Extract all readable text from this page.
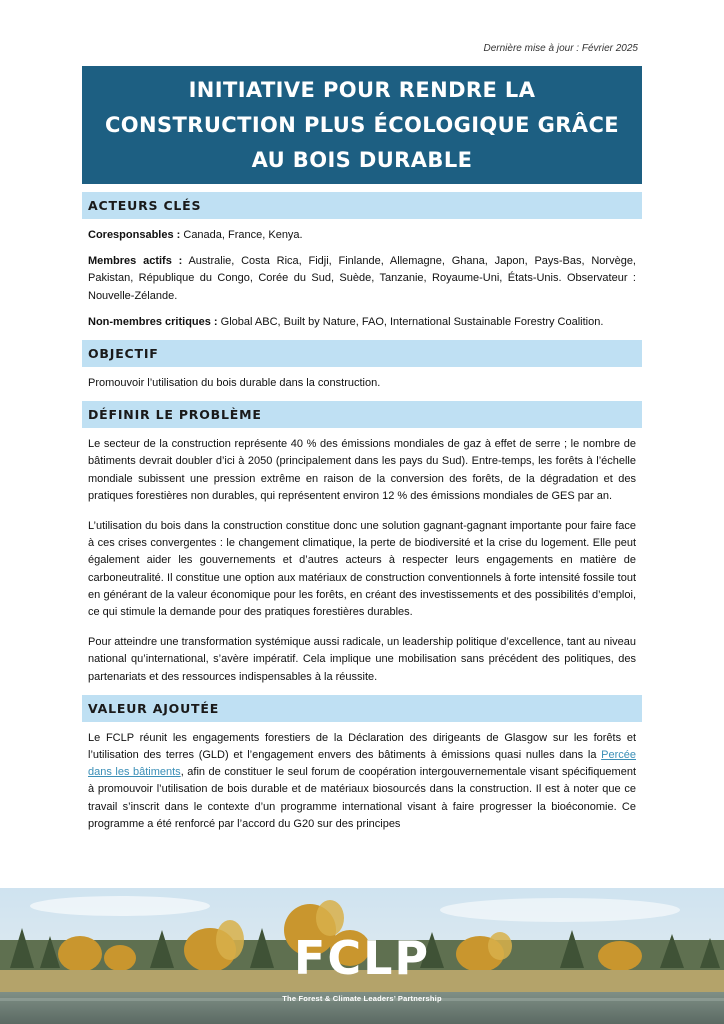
Dernière mise à jour : Février 2025
INITIATIVE POUR RENDRE LA
CONSTRUCTION PLUS ÉCOLOGIQUE GRÂCE
AU BOIS DURABLE
ACTEURS CLÉS

Coresponsables : Canada, France, Kenya.

Membres actifs : Australie, Costa Rica, Fidji, Finlande, Allemagne, Ghana, Japon, Pays-Bas, Norvège, Pakistan, République du Congo, Corée du Sud, Suède, Tanzanie, Royaume-Uni, États-Unis. Observateur : Nouvelle-Zélande.

Non-membres critiques : Global ABC, Built by Nature, FAO, International Sustainable Forestry Coalition.

OBJECTIF

Promouvoir l’utilisation du bois durable dans la construction.

DÉFINIR LE PROBLÈME

Le secteur de la construction représente 40 % des émissions mondiales de gaz à effet de serre ; le nombre de bâtiments devrait doubler d’ici à 2050 (principalement dans les pays du Sud). Entre-temps, les forêts à l’échelle mondiale subissent une pression extrême en raison de la conversion des forêts, de la dégradation et des pratiques forestières non durables, qui représentent environ 12 % des émissions mondiales de GES par an.

L’utilisation du bois dans la construction constitue donc une solution gagnant-gagnant importante pour faire face à ces crises convergentes : le changement climatique, la perte de biodiversité et la crise du logement. Elle peut également aider les gouvernements et d’autres acteurs à respecter leurs engagements en matière de carboneutralité. Il constitue une option aux matériaux de construction conventionnels à forte intensité fossile tout en générant de la valeur économique pour les forêts, en créant des investissements et des possibilités d’emploi, ce qui stimule la demande pour des pratiques forestières durables.

Pour atteindre une transformation systémique aussi radicale, un leadership politique d’excellence, tant au niveau national qu’international, s’avère impératif. Cela implique une mobilisation sans précédent des politiques, des partenariats et des ressources indispensables à la réussite.

VALEUR AJOUTÉE

Le FCLP réunit les engagements forestiers de la Déclaration des dirigeants de Glasgow sur les forêts et l’utilisation des terres (GLD) et l’engagement envers des bâtiments à émissions quasi nulles dans la Percée dans les bâtiments, afin de constituer le seul forum de coopération intergouvernementale visant spécifiquement à promouvoir l’utilisation de bois durable et de matériaux biosourcés dans la construction. Il est à noter que ce travail s’inscrit dans le contexte d’un programme international visant à faire progresser la bioéconomie. Ce programme a été renforcé par l’accord du G20 sur des principes

FCLP
The Forest & Climate Leaders’ Partnership
